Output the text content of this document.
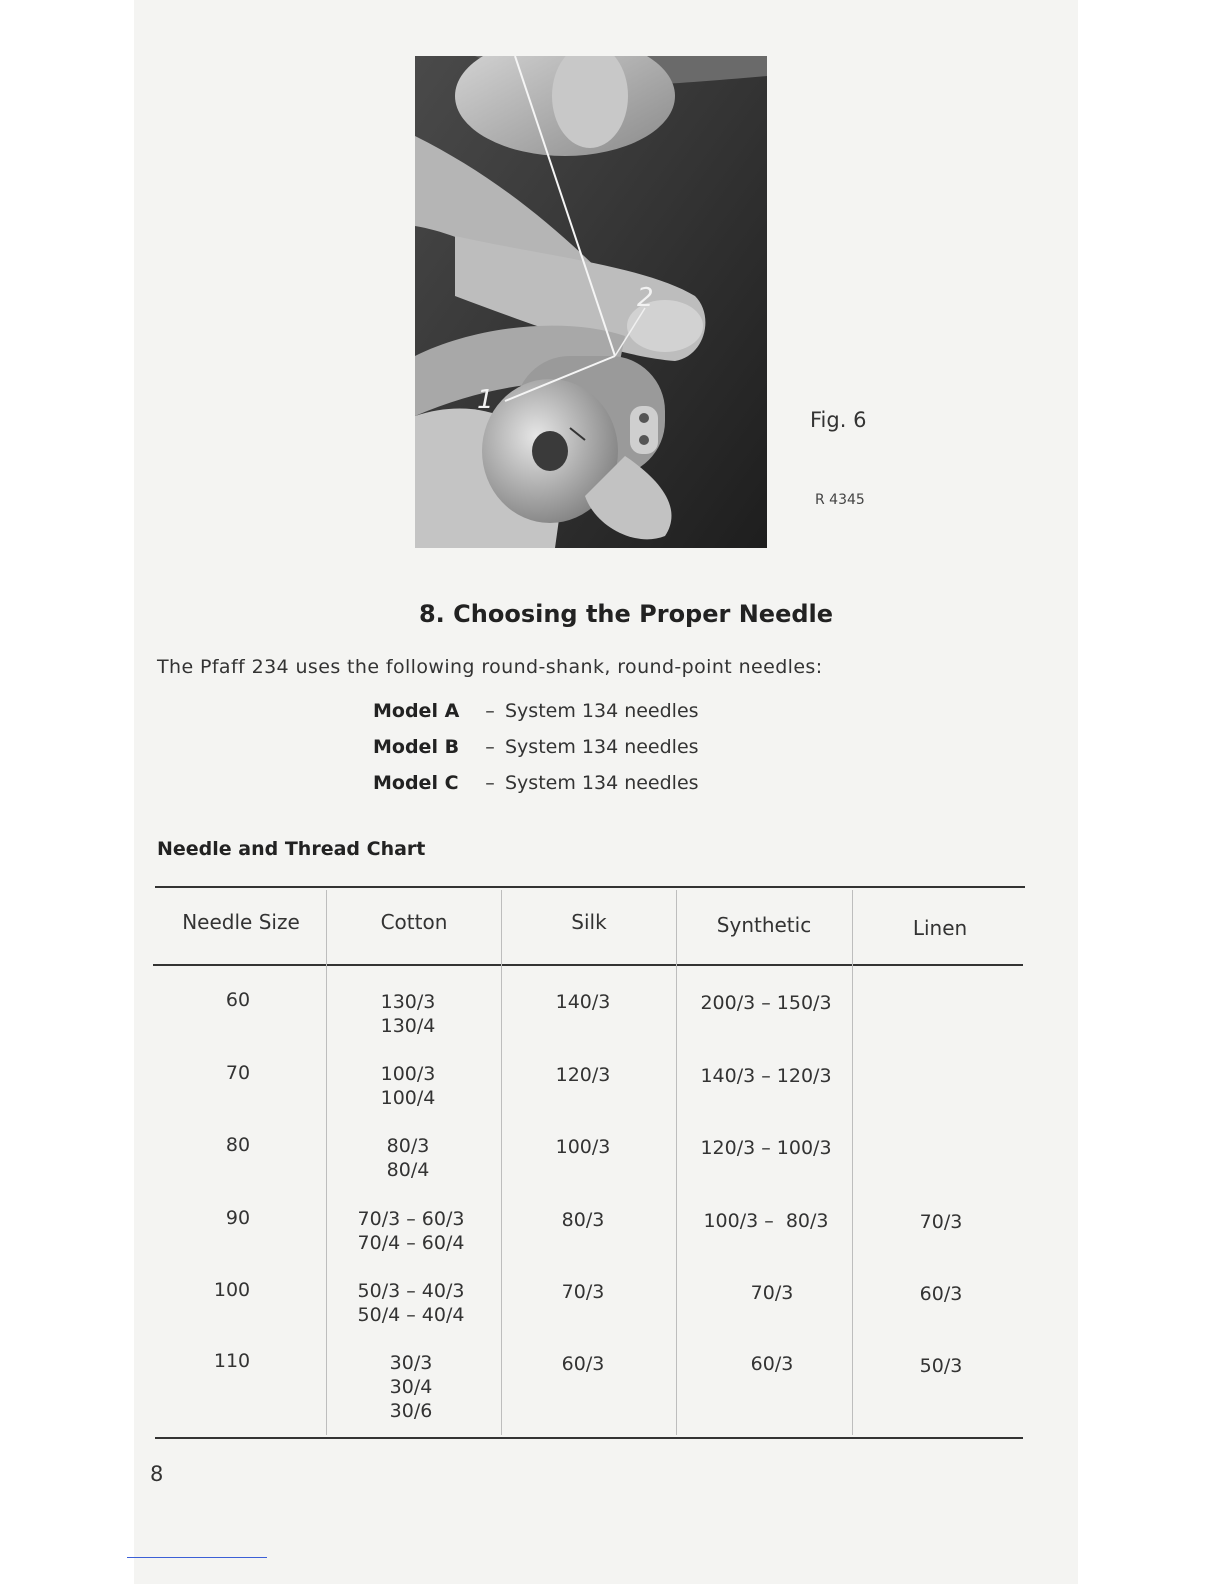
1
2
Fig. 6
R 4345
8. Choosing the Proper Needle
The Pfaff 234 uses the following round-shank, round-point needles:
Model A – System 134 needles
Model B – System 134 needles
Model C – System 134 needles
Needle and Thread Chart
Needle Size	Cotton	Silk	Synthetic	Linen
60	130/3
130/4
140/3	200/3 – 150/3
70	100/3
100/4
120/3	140/3 – 120/3
80	80/3
80/4
100/3	120/3 – 100/3
90	70/3 – 60/3
70/4 – 60/4
80/3	100/3 –  80/3	70/3
100	50/3 – 40/3
50/4 – 40/4
70/3	70/3	60/3
110	30/3
30/4
30/6
60/3	60/3	50/3
8
